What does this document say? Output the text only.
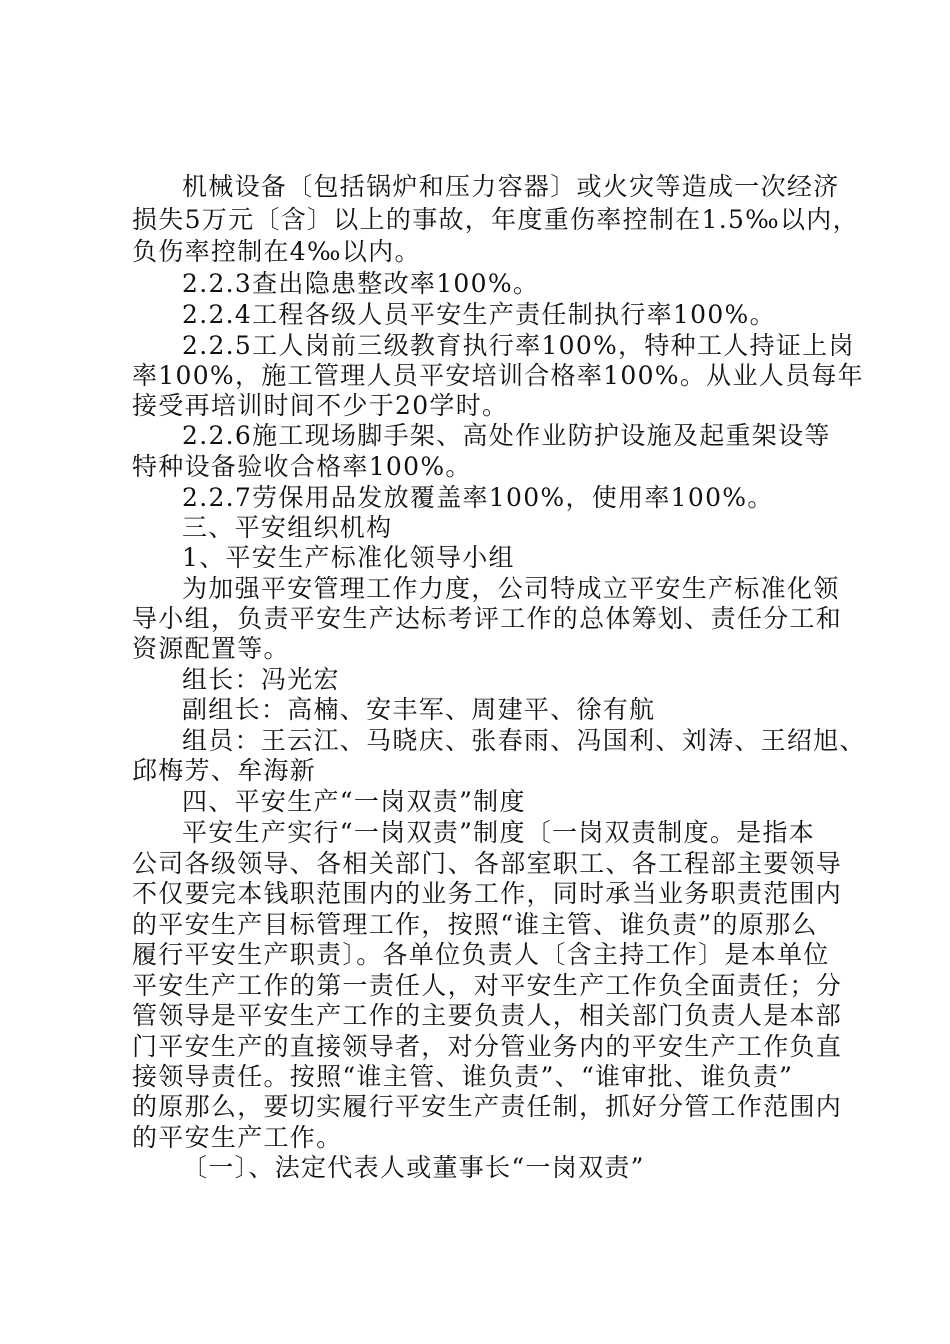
机械设备〔包括锅炉和压力容器〕或火灾等造成一次经济
损失5万元〔含〕以上的事故，年度重伤率控制在1.5‰以内，
负伤率控制在4‰以内。
2.2.3查出隐患整改率100%。
2.2.4工程各级人员平安生产责任制执行率100%。
2.2.5工人岗前三级教育执行率100%，特种工人持证上岗
率100%，施工管理人员平安培训合格率100%。从业人员每年
接受再培训时间不少于20学时。
2.2.6施工现场脚手架、高处作业防护设施及起重架设等
特种设备验收合格率100%。
2.2.7劳保用品发放覆盖率100%，使用率100%。
三、平安组织机构
1、平安生产标准化领导小组
为加强平安管理工作力度，公司特成立平安生产标准化领
导小组，负责平安生产达标考评工作的总体筹划、责任分工和
资源配置等。
组长：冯光宏
副组长：高楠、安丰军、周建平、徐有航
组员：王云江、马晓庆、张春雨、冯国利、刘涛、王绍旭、
邱梅芳、牟海新
四、平安生产“一岗双责”制度
平安生产实行“一岗双责”制度〔一岗双责制度。是指本
公司各级领导、各相关部门、各部室职工、各工程部主要领导
不仅要完本钱职范围内的业务工作，同时承当业务职责范围内
的平安生产目标管理工作，按照“谁主管、谁负责”的原那么
履行平安生产职责〕。各单位负责人〔含主持工作〕是本单位
平安生产工作的第一责任人，对平安生产工作负全面责任；分
管领导是平安生产工作的主要负责人，相关部门负责人是本部
门平安生产的直接领导者，对分管业务内的平安生产工作负直
接领导责任。按照“谁主管、谁负责”、“谁审批、谁负责”
的原那么，要切实履行平安生产责任制，抓好分管工作范围内
的平安生产工作。
〔一〕、法定代表人或董事长“一岗双责”
